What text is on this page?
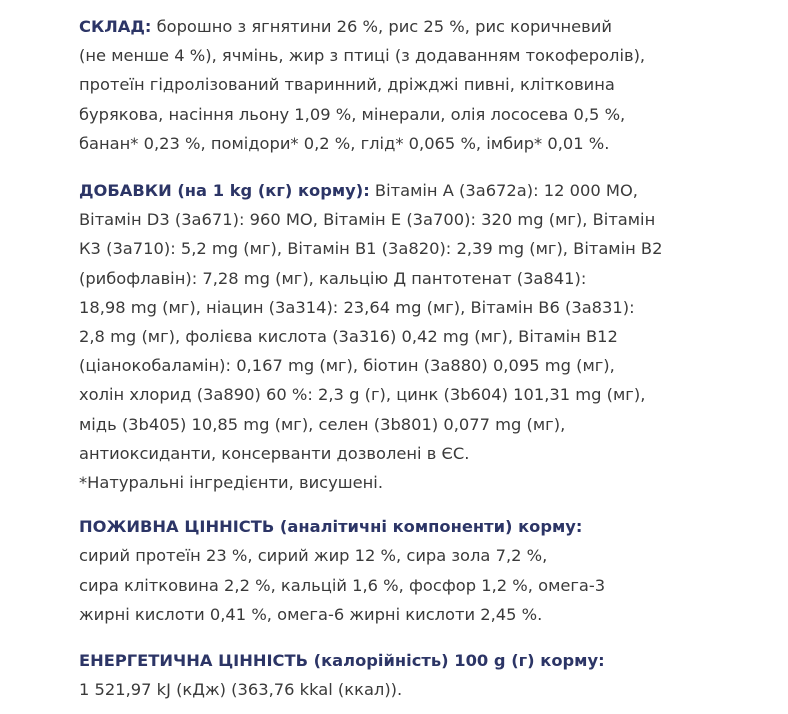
СКЛАД: борошно з ягнятини 26 %, рис 25 %, рис коричневий
(не менше 4 %), ячмінь, жир з птиці (з додаванням токоферолів),
протеїн гідролізований тваринний, дріжджі пивні, клітковина
бурякова, насіння льону 1,09 %, мінерали, олія лососева 0,5 %,
банан* 0,23 %, помідори* 0,2 %, глід* 0,065 %, імбир* 0,01 %.

ДОБАВКИ (на 1 kg (кг) корму): Вітамін А (3а672а): 12 000 МО,
Вітамін D3 (3а671): 960 МО, Вітамін Е (3а700): 320 mg (мг), Вітамін
К3 (3а710): 5,2 mg (мг), Вітамін В1 (3а820): 2,39 mg (мг), Вітамін В2
(рибофлавін): 7,28 mg (мг), кальцію Д пантотенат (3а841):
18,98 mg (мг), ніацин (3а314): 23,64 mg (мг), Вітамін В6 (3а831):
2,8 mg (мг), фолієва кислота (3а316) 0,42 mg (мг), Вітамін В12
(ціанокобаламін): 0,167 mg (мг), біотин (3а880) 0,095 mg (мг),
холін хлорид (3а890) 60 %: 2,3 g (г), цинк (3b604) 101,31 mg (мг),
мідь (3b405) 10,85 mg (мг), селен (3b801) 0,077 mg (мг),
антиоксиданти, консерванти дозволені в ЄС.
*Натуральні інгредієнти, висушені.

ПОЖИВНА ЦІННІСТЬ (аналітичні компоненти) корму:
сирий протеїн 23 %, сирий жир 12 %, сира зола 7,2 %,
сира клітковина 2,2 %, кальцій 1,6 %, фосфор 1,2 %, омега-3
жирні кислоти 0,41 %, омега-6 жирні кислоти 2,45 %.

ЕНЕРГЕТИЧНА ЦІННІСТЬ (калорійність) 100 g (г) корму:
1 521,97 kJ (кДж) (363,76 kkal (ккал)).
